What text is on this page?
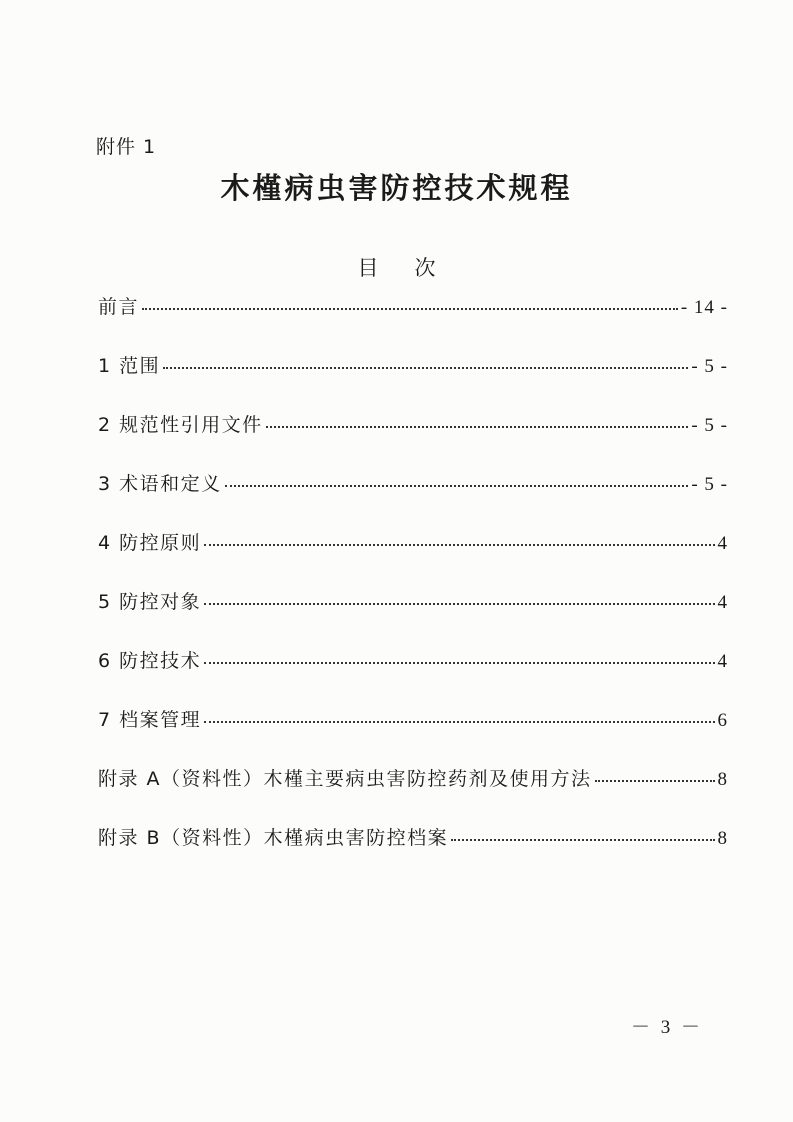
附件 1
木槿病虫害防控技术规程
目 次
前言	- 14 -
1 范围	- 5 -
2 规范性引用文件	- 5 -
3 术语和定义	- 5 -
4 防控原则	4
5 防控对象	4
6 防控技术	4
7 档案管理	6
附录 A（资料性）木槿主要病虫害防控药剂及使用方法	8
附录 B（资料性）木槿病虫害防控档案	8
－ 3 －
